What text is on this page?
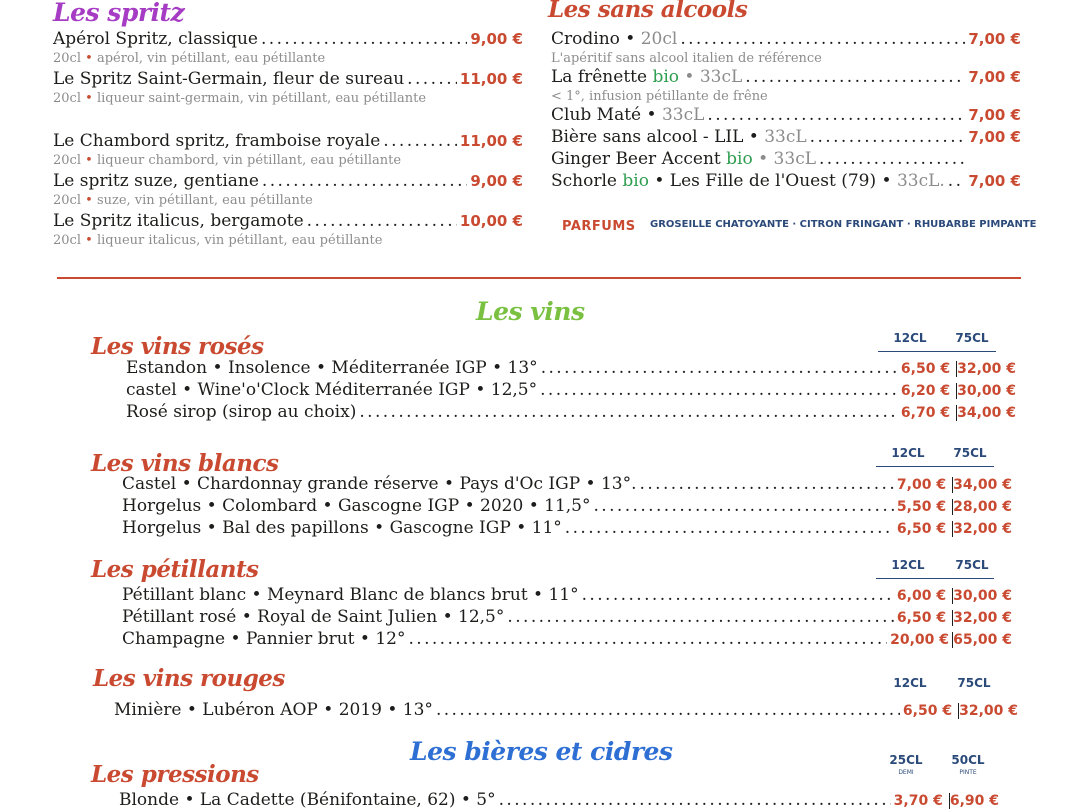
Les spritz
Apérol Spritz, classique . . .	9,00 €
20cl • apérol, vin pétillant, eau pétillante
Le Spritz Saint-Germain, fleur de sureau . . .	11,00 €
20cl • liqueur saint-germain, vin pétillant, eau pétillante
Le Chambord spritz, framboise royale . . .	11,00 €
20cl • liqueur chambord, vin pétillant, eau pétillante
Le spritz suze, gentiane . . .	9,00 €
20cl • suze, vin pétillant, eau pétillante
Le Spritz italicus, bergamote . . .	10,00 €
20cl • liqueur italicus, vin pétillant, eau pétillante
Les sans alcools
Crodino • 20cl . . .	7,00 €
L'apéritif sans alcool italien de référence
La frênette bio • 33cL . . .	7,00 €
< 1°, infusion pétillante de frêne
Club Maté • 33cL . . .	7,00 €
Bière sans alcool - LIL • 33cL . . .	7,00 €
Ginger Beer Accent bio • 33cL
. . .
Schorle bio • Les Fille de l'Ouest (79) • 33cL. . . . 7,00 €
PARFUMS GROSEILLE CHATOYANTE · CITRON FRINGANT · RHUBARBE PIMPANTE
Les vins
12CL	75CL
Les vins rosés
Estandon • Insolence • Méditerranée IGP • 13° . . .	6,50 € 32,00 €
castel • Wine'o'Clock Méditerranée IGP • 12,5° . . .	6,20 € 30,00 €
Rosé sirop (sirop au choix) . . .	6,70 € 34,00 €
12CL	75CL
Les vins blancs
Castel • Chardonnay grande réserve • Pays d'Oc IGP • 13°. . . .	7,00 € 34,00 €
Horgelus • Colombard • Gascogne IGP • 2020 • 11,5° . . .	5,50 € 28,00 €
Horgelus • Bal des papillons • Gascogne IGP • 11° . . .	6,50 € 32,00 €
12CL	75CL
Les pétillants
Pétillant blanc • Meynard Blanc de blancs brut • 11° . . .	6,00 € 30,00 €
Pétillant rosé • Royal de Saint Julien • 12,5° . . .	6,50 € 32,00 €
Champagne • Pannier brut • 12° . . .	20,00 € 65,00 €
12CL	75CL
Les vins rouges
Minière • Lubéron AOP • 2019 • 13° . . .	6,50 € 32,00 €
Les bières et cidres	25CL
DEMI
50CL
PINTE
Les pressions
Blonde • La Cadette (Bénifontaine, 62) • 5° . . .	3,70 € 6,90 €
